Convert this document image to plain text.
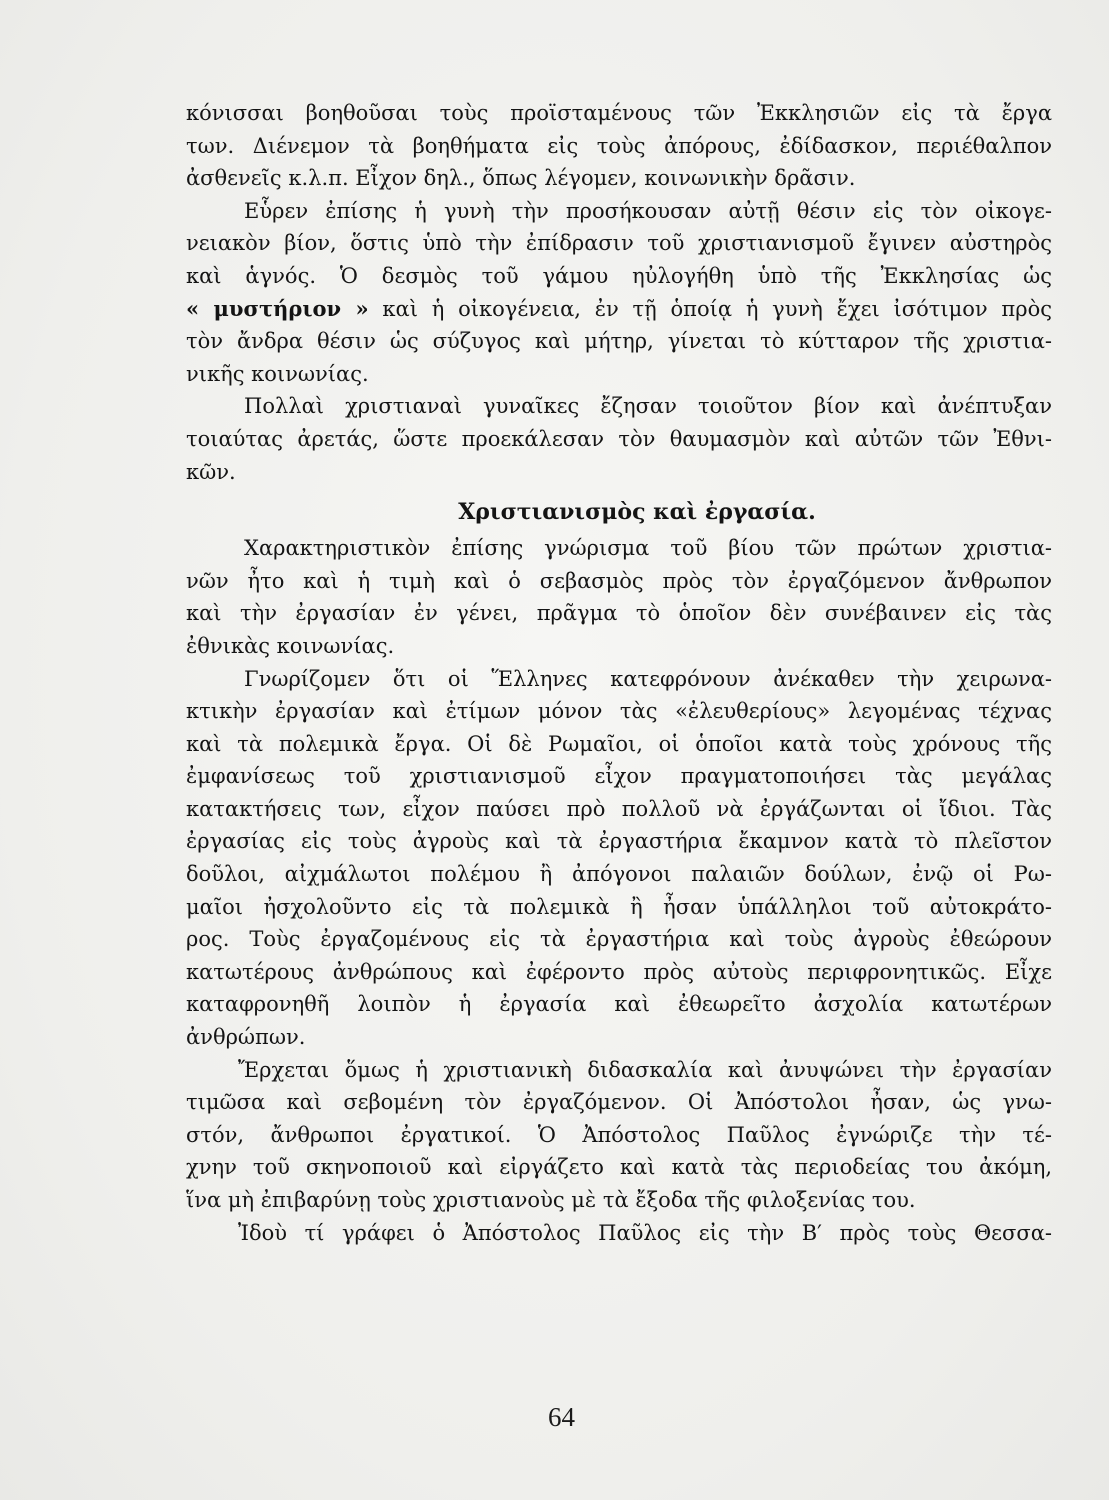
κόνισσαι βοηθοῦσαι τοὺς προϊσταμένους τῶν Ἐκκλησιῶν εἰς τὰ ἔργα
των. Διένεμον τὰ βοηθήματα εἰς τοὺς ἀπόρους, ἐδίδασκον, περιέθαλπον
ἀσθενεῖς κ.λ.π. Εἶχον δηλ., ὅπως λέγομεν, κοινωνικὴν δρᾶσιν.
Εὗρεν ἐπίσης ἡ γυνὴ τὴν προσήκουσαν αὐτῇ θέσιν εἰς τὸν οἰκογε-
νειακὸν βίον, ὅστις ὑπὸ τὴν ἐπίδρασιν τοῦ χριστιανισμοῦ ἔγινεν αὐστηρὸς
καὶ ἁγνός. Ὁ δεσμὸς τοῦ γάμου ηὐλογήθη ὑπὸ τῆς Ἐκκλησίας ὡς
« μυστήριον » καὶ ἡ οἰκογένεια, ἐν τῇ ὁποίᾳ ἡ γυνὴ ἔχει ἰσότιμον πρὸς
τὸν ἄνδρα θέσιν ὡς σύζυγος καὶ μήτηρ, γίνεται τὸ κύτταρον τῆς χριστια-
νικῆς κοινωνίας.
Πολλαὶ χριστιαναὶ γυναῖκες ἔζησαν τοιοῦτον βίον καὶ ἀνέπτυξαν
τοιαύτας ἀρετάς, ὥστε προεκάλεσαν τὸν θαυμασμὸν καὶ αὐτῶν τῶν Ἐθνι-
κῶν.
Χριστιανισμὸς καὶ ἐργασία.
Χαρακτηριστικὸν ἐπίσης γνώρισμα τοῦ βίου τῶν πρώτων χριστια-
νῶν ἦτο καὶ ἡ τιμὴ καὶ ὁ σεβασμὸς πρὸς τὸν ἐργαζόμενον ἄνθρωπον
καὶ τὴν ἐργασίαν ἐν γένει, πρᾶγμα τὸ ὁποῖον δὲν συνέβαινεν εἰς τὰς
ἐθνικὰς κοινωνίας.
Γνωρίζομεν ὅτι οἱ Ἕλληνες κατεφρόνουν ἀνέκαθεν τὴν χειρωνα-
κτικὴν ἐργασίαν καὶ ἐτίμων μόνον τὰς «ἐλευθερίους» λεγομένας τέχνας
καὶ τὰ πολεμικὰ ἔργα. Οἱ δὲ Ρωμαῖοι, οἱ ὁποῖοι κατὰ τοὺς χρόνους τῆς
ἐμφανίσεως τοῦ χριστιανισμοῦ εἶχον πραγματοποιήσει τὰς μεγάλας
κατακτήσεις των, εἶχον παύσει πρὸ πολλοῦ νὰ ἐργάζωνται οἱ ἴδιοι. Τὰς
ἐργασίας εἰς τοὺς ἀγροὺς καὶ τὰ ἐργαστήρια ἔκαμνον κατὰ τὸ πλεῖστον
δοῦλοι, αἰχμάλωτοι πολέμου ἢ ἀπόγονοι παλαιῶν δούλων, ἐνῷ οἱ Ρω-
μαῖοι ἠσχολοῦντο εἰς τὰ πολεμικὰ ἢ ἦσαν ὑπάλληλοι τοῦ αὐτοκράτο-
ρος. Τοὺς ἐργαζομένους εἰς τὰ ἐργαστήρια καὶ τοὺς ἀγροὺς ἐθεώρουν
κατωτέρους ἀνθρώπους καὶ ἐφέροντο πρὸς αὐτοὺς περιφρονητικῶς. Εἶχε
καταφρονηθῆ λοιπὸν ἡ ἐργασία καὶ ἐθεωρεῖτο ἀσχολία κατωτέρων
ἀνθρώπων.
Ἔρχεται ὅμως ἡ χριστιανικὴ διδασκαλία καὶ ἀνυψώνει τὴν ἐργασίαν
τιμῶσα καὶ σεβομένη τὸν ἐργαζόμενον. Οἱ Ἀπόστολοι ἦσαν, ὡς γνω-
στόν, ἄνθρωποι ἐργατικοί. Ὁ Ἀπόστολος Παῦλος ἐγνώριζε τὴν τέ-
χνην τοῦ σκηνοποιοῦ καὶ εἰργάζετο καὶ κατὰ τὰς περιοδείας του ἀκόμη,
ἵνα μὴ ἐπιβαρύνῃ τοὺς χριστιανοὺς μὲ τὰ ἔξοδα τῆς φιλοξενίας του.
Ἰδοὺ τί γράφει ὁ Ἀπόστολος Παῦλος εἰς τὴν Β′ πρὸς τοὺς Θεσσα-
64
